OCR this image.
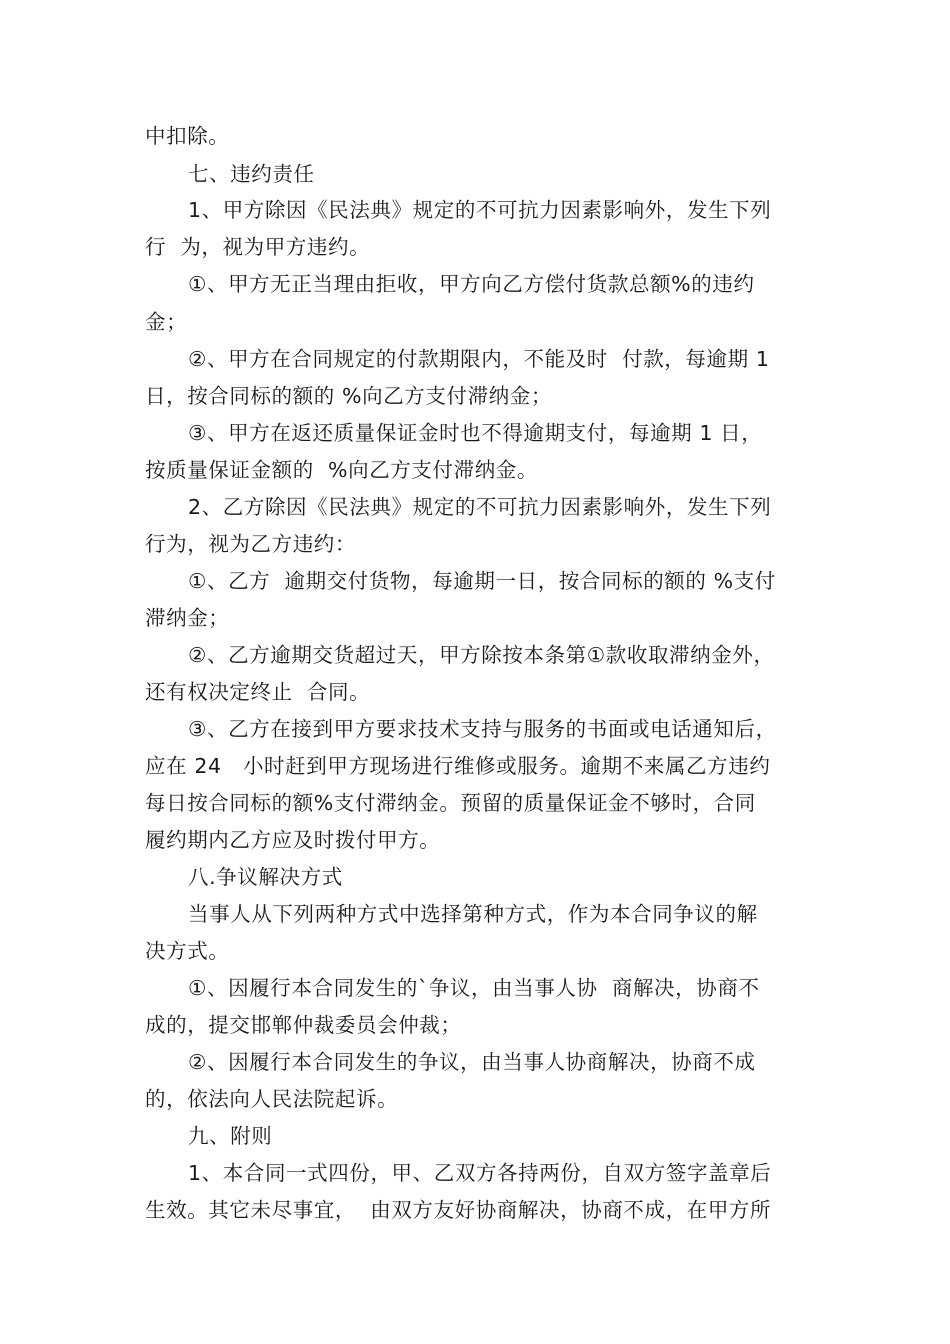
中扣除。
七、违约责任
1、甲方除因《民法典》规定的不可抗力因素影响外，发生下列
行  为，视为甲方违约。
①、甲方无正当理由拒收，甲方向乙方偿付货款总额%的违约
金；
②、甲方在合同规定的付款期限内，不能及时  付款，每逾期 1
日，按合同标的额的 %向乙方支付滞纳金；
③、甲方在返还质量保证金时也不得逾期支付，每逾期 1 日，
按质量保证金额的  %向乙方支付滞纳金。
2、乙方除因《民法典》规定的不可抗力因素影响外，发生下列
行为，视为乙方违约：
①、乙方  逾期交付货物，每逾期一日，按合同标的额的 %支付
滞纳金；
②、乙方逾期交货超过天，甲方除按本条第①款收取滞纳金外，
还有权决定终止  合同。
③、乙方在接到甲方要求技术支持与服务的书面或电话通知后，
应在 24   小时赶到甲方现场进行维修或服务。逾期不来属乙方违约
每日按合同标的额%支付滞纳金。预留的质量保证金不够时，合同
履约期内乙方应及时拨付甲方。
八.争议解决方式
当事人从下列两种方式中选择第种方式，作为本合同争议的解
决方式。
①、因履行本合同发生的`争议，由当事人协  商解决，协商不
成的，提交邯郸仲裁委员会仲裁；
②、因履行本合同发生的争议，由当事人协商解决，协商不成
的，依法向人民法院起诉。
九、附则
1、本合同一式四份，甲、乙双方各持两份，自双方签字盖章后
生效。其它未尽事宜，  由双方友好协商解决，协商不成，在甲方所
